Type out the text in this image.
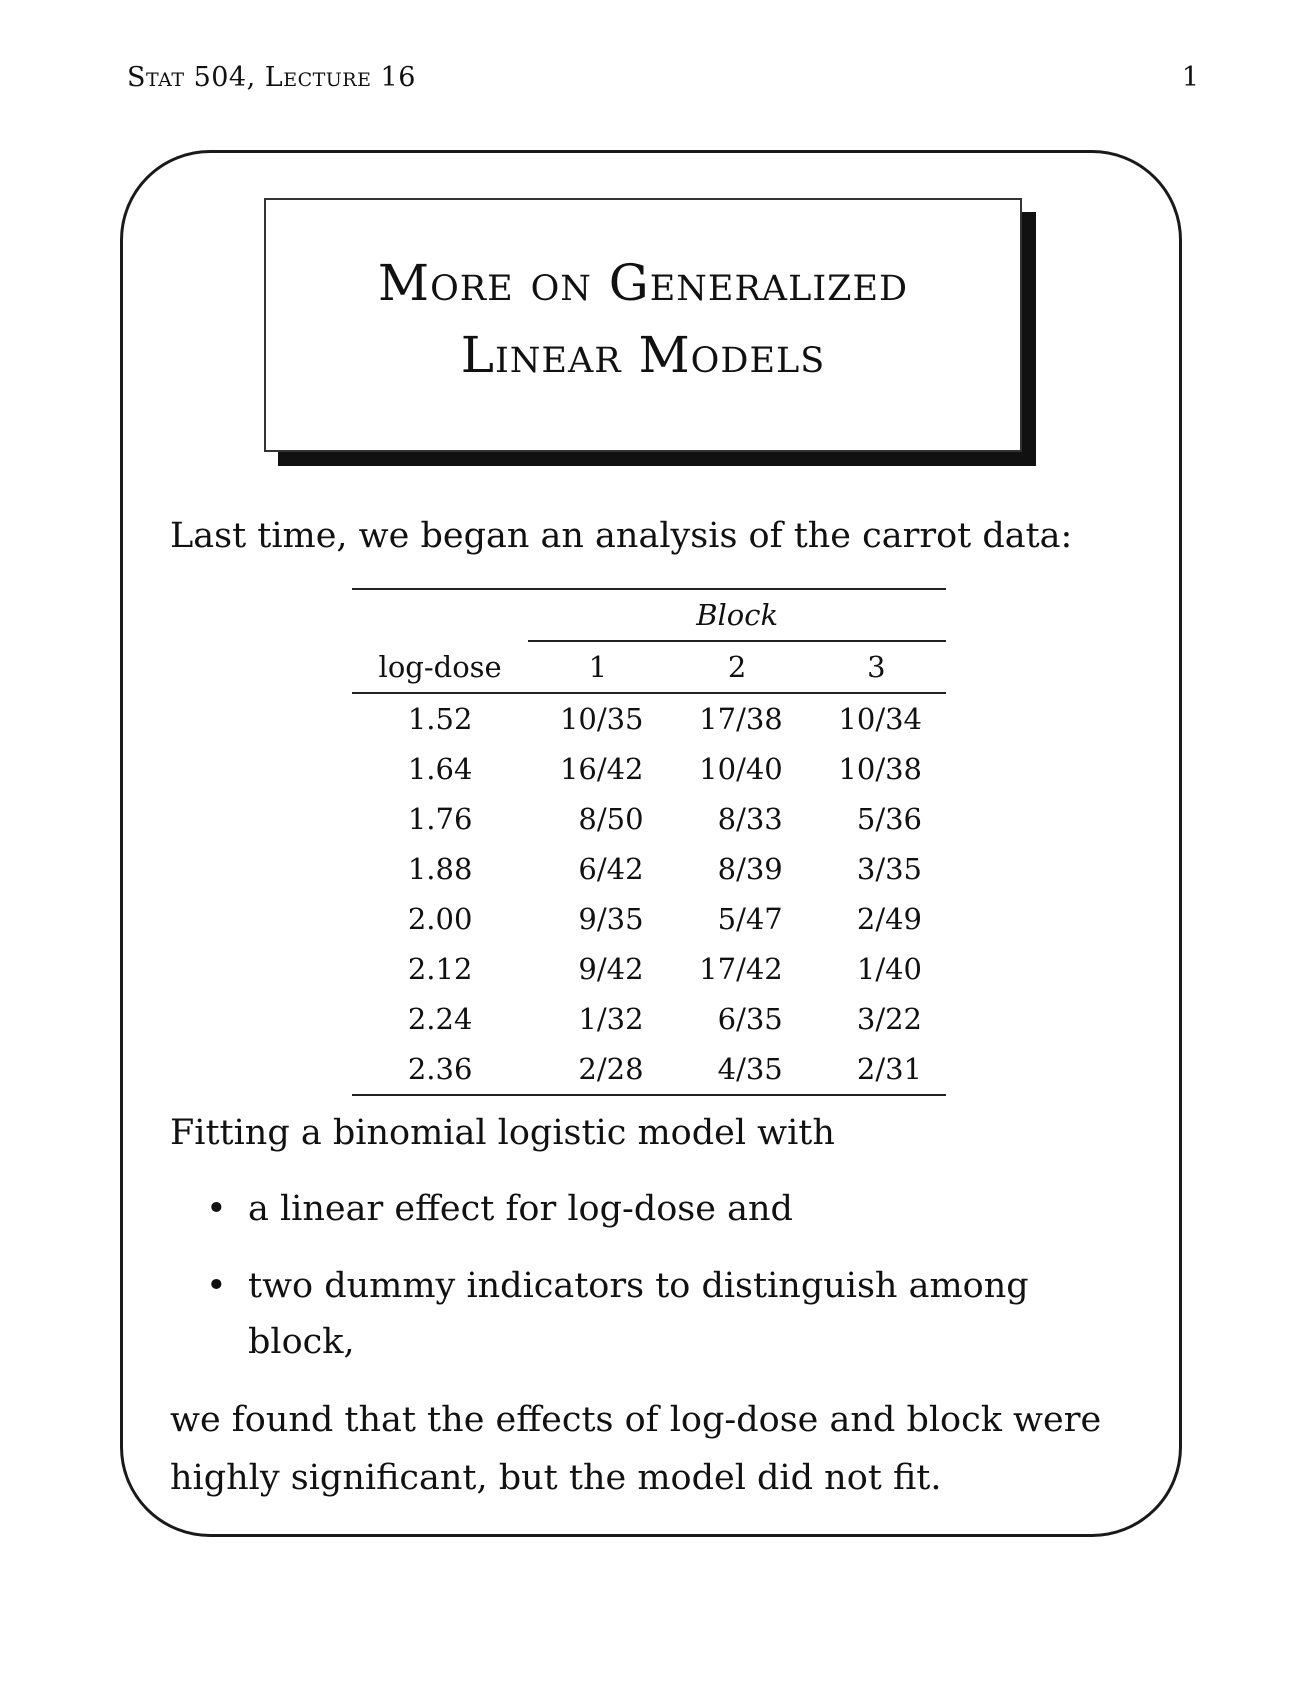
Stat 504, Lecture 16	1
More on Generalized
Linear Models
Last time, we began an analysis of the carrot data:

	Block		
log-dose	1	2	3
1.52	10/35	17/38	10/34
1.64	16/42	10/40	10/38
1.76	8/50	8/33	5/36
1.88	6/42	8/39	3/35
2.00	9/35	5/47	2/49
2.12	9/42	17/42	1/40
2.24	1/32	6/35	3/22
2.36	2/28	4/35	2/31
Fitting a binomial logistic model with
• a linear effect for log-dose and
• two dummy indicators to distinguish among
block,
we found that the effects of log-dose and block were
highly significant, but the model did not fit.
